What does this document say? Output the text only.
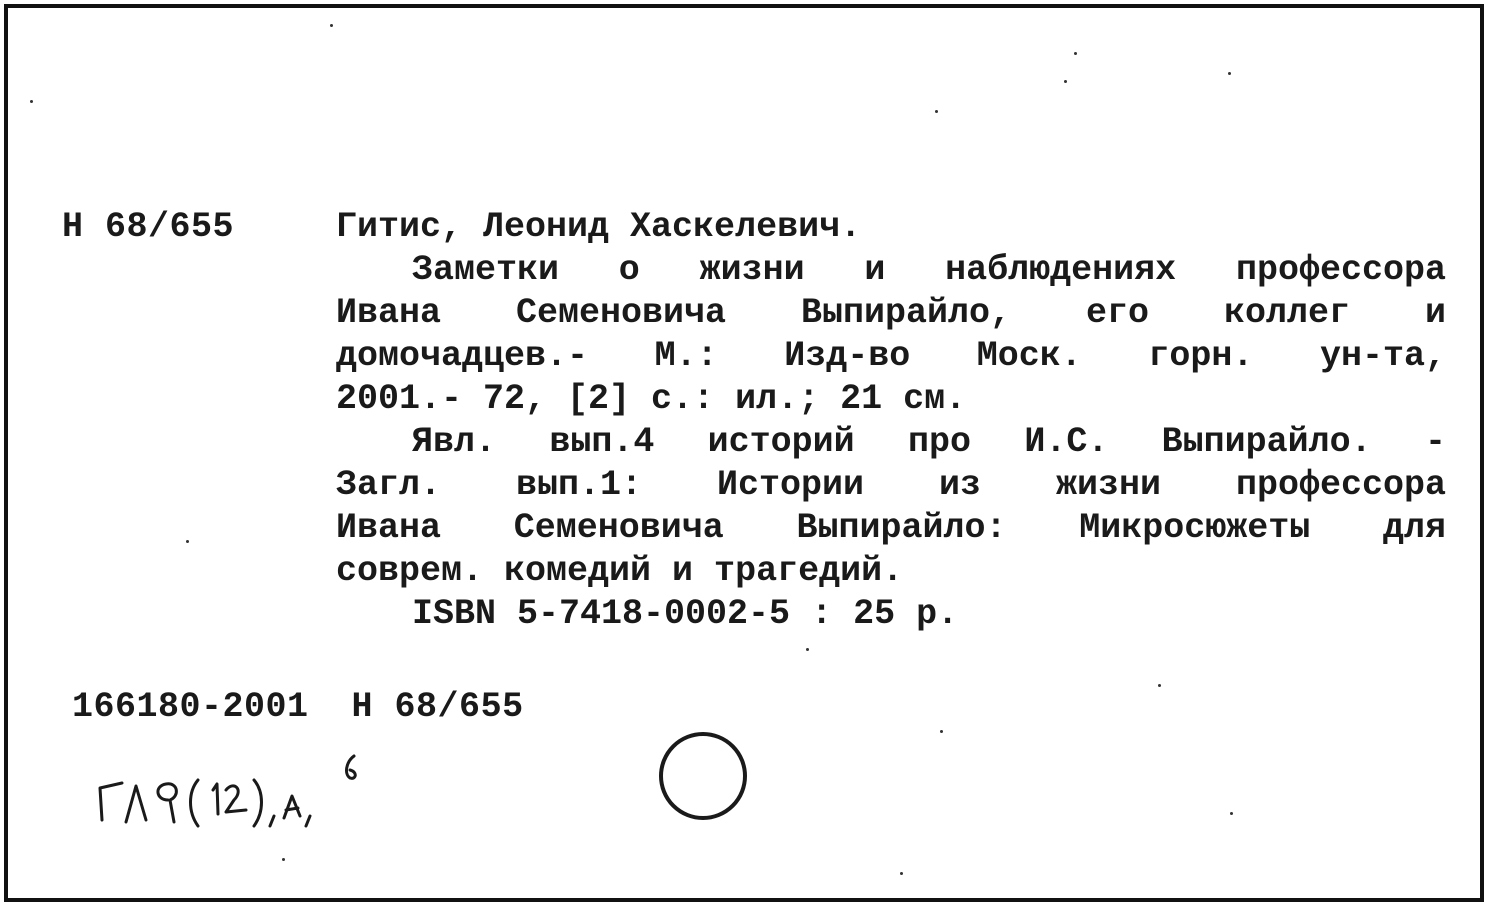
Н 68/655	Гитис, Леонид Хаскелевич.
Заметки о жизни и наблюдениях профессора
Ивана Семеновича Выпирайло, его коллег и
домочадцев.- М.: Изд-во Моск. горн. ун-та,
2001.- 72, [2] с.: ил.; 21 см.
Явл. вып.4 историй про И.С. Выпирайло. -
Загл. вып.1: Истории из жизни профессора
Ивана Семеновича Выпирайло: Микросюжеты для
соврем. комедий и трагедий.
ISBN 5-7418-0002-5 : 25 р.
166180-2001  Н 68/655
